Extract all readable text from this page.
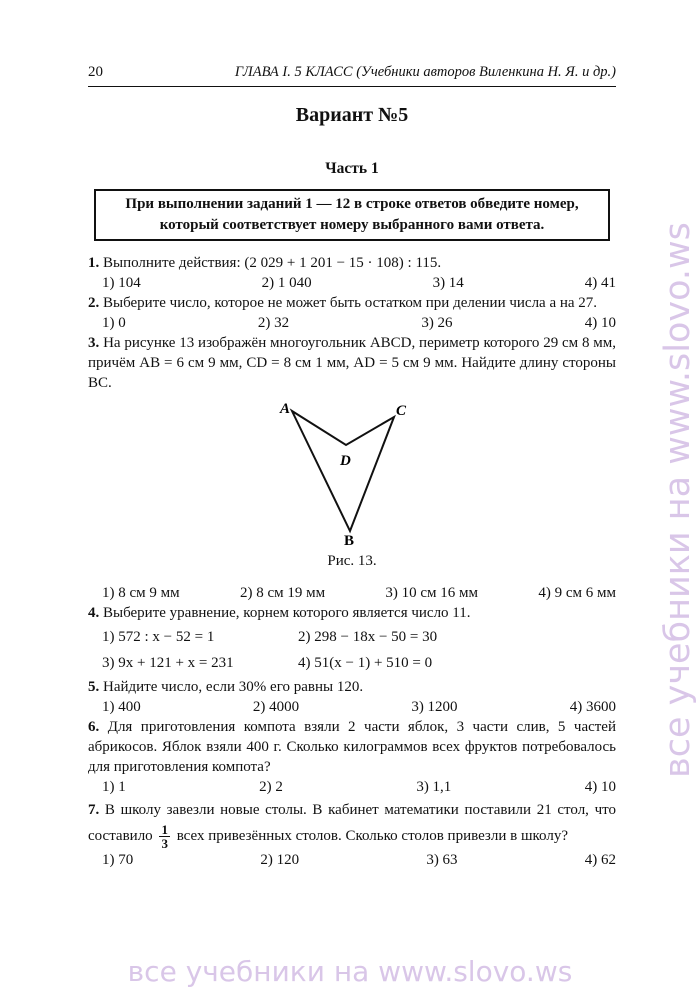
20	ГЛАВА I. 5 КЛАСС (Учебники авторов Виленкина Н. Я. и др.)
Вариант №5
Часть 1
При выполнении заданий 1 — 12 в строке ответов обведите номер, который соответствует номеру выбранного вами ответа.
1. Выполните действия: (2 029 + 1 201 − 15 · 108) : 115.
1) 104	2) 1 040	3) 14	4) 41
2. Выберите число, которое не может быть остатком при делении числа a на 27.
1) 0	2) 32	3) 26	4) 10
3. На рисунке 13 изображён многоугольник ABCD, периметр которого 29 см 8 мм, причём AB = 6 см 9 мм, CD = 8 см 1 мм, AD = 5 см 9 мм. Найдите длину стороны BC.
A	C
D
B
Рис. 13.
1) 8 см 9 мм	2) 8 см 19 мм	3) 10 см 16 мм	4) 9 см 6 мм
4. Выберите уравнение, корнем которого является число 11.
1) 572 : x − 52 = 1	2) 298 − 18x − 50 = 30
3) 9x + 121 + x = 231	4) 51(x − 1) + 510 = 0
5. Найдите число, если 30% его равны 120.
1) 400	2) 4000	3) 1200	4) 3600
6. Для приготовления компота взяли 2 части яблок, 3 части слив, 5 частей абрикосов. Яблок взяли 400 г. Сколько килограммов всех фруктов потребовалось для приготовления компота?
1) 1	2) 2	3) 1,1	4) 10
7. В школу завезли новые столы. В кабинет математики поставили 21 стол, что составило $\frac{1}{3}$ всех привезённых столов. Сколько столов привезли в школу?
1) 70	2) 120	3) 63	4) 62
все учебники на www.slovo.ws
все учебники на www.slovo.ws
